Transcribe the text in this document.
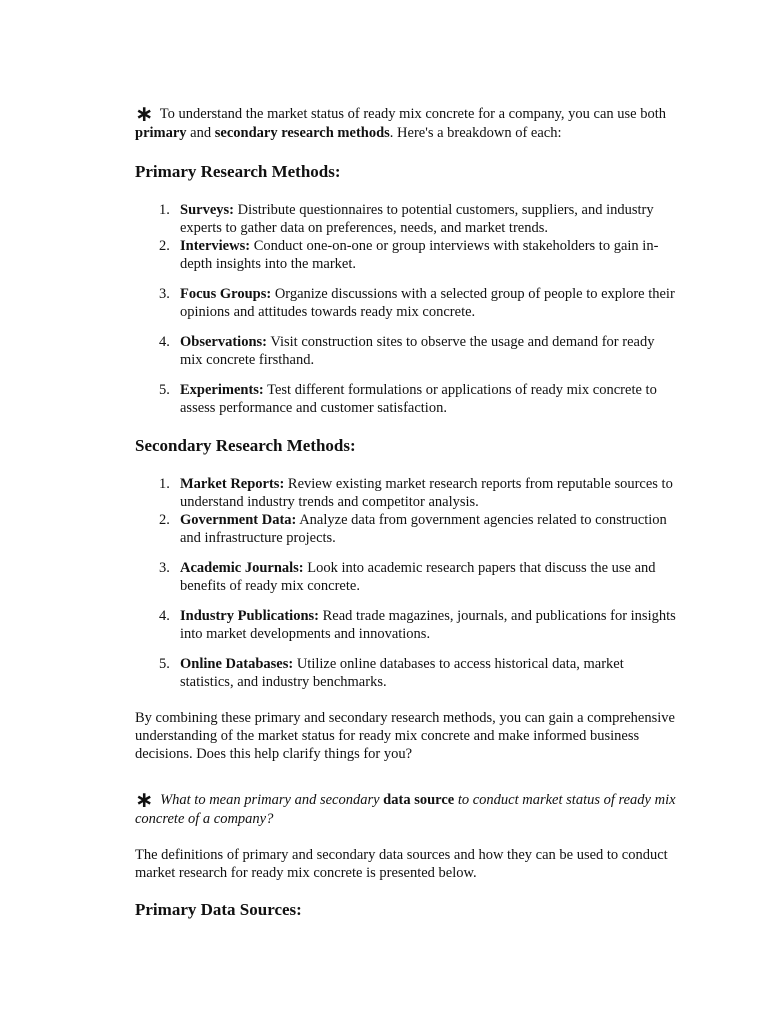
∗ To understand the market status of ready mix concrete for a company, you can use both primary and secondary research methods. Here's a breakdown of each:

Primary Research Methods:
1. Surveys: Distribute questionnaires to potential customers, suppliers, and industry experts to gather data on preferences, needs, and market trends.
2. Interviews: Conduct one-on-one or group interviews with stakeholders to gain in-depth insights into the market.
3. Focus Groups: Organize discussions with a selected group of people to explore their opinions and attitudes towards ready mix concrete.
4. Observations: Visit construction sites to observe the usage and demand for ready mix concrete firsthand.
5. Experiments: Test different formulations or applications of ready mix concrete to assess performance and customer satisfaction.
Secondary Research Methods:
1. Market Reports: Review existing market research reports from reputable sources to understand industry trends and competitor analysis.
2. Government Data: Analyze data from government agencies related to construction and infrastructure projects.
3. Academic Journals: Look into academic research papers that discuss the use and benefits of ready mix concrete.
4. Industry Publications: Read trade magazines, journals, and publications for insights into market developments and innovations.
5. Online Databases: Utilize online databases to access historical data, market statistics, and industry benchmarks.

By combining these primary and secondary research methods, you can gain a comprehensive understanding of the market status for ready mix concrete and make informed business decisions. Does this help clarify things for you?

∗ What to mean primary and secondary data source to conduct market status of ready mix concrete of a company?

The definitions of primary and secondary data sources and how they can be used to conduct market research for ready mix concrete is presented below.

Primary Data Sources:
